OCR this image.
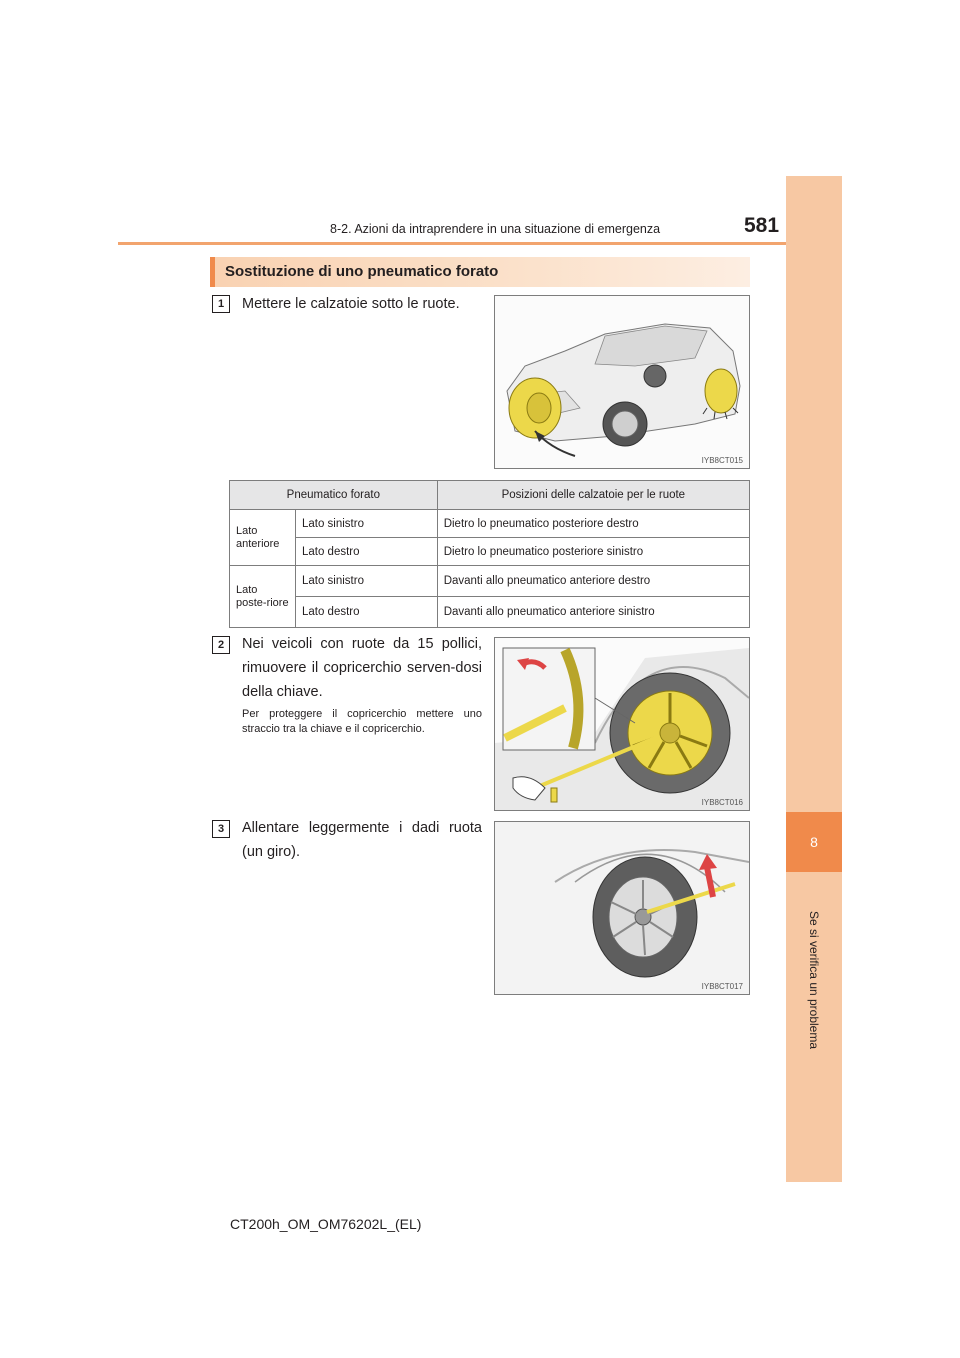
8-2. Azioni da intraprendere in una situazione di emergenza	581
8
Se si verifica un problema
Sostituzione di uno pneumatico forato
1	Mettere le calzatoie sotto le ruote.
IYB8CT015
Pneumatico forato		Posizioni delle calzatoie per le ruote
Lato anteriore	Lato sinistro	Dietro lo pneumatico posteriore destro
	Lato destro	Dietro lo pneumatico posteriore sinistro
Lato poste-riore	Lato sinistro	Davanti allo pneumatico anteriore destro
	Lato destro	Davanti allo pneumatico anteriore sinistro
2	Nei veicoli con ruote da 15 pollici, rimuovere il copricerchio serven-dosi della chiave.
Per proteggere il copricerchio mettere uno straccio tra la chiave e il copricerchio.
IYB8CT016
3	Allentare leggermente i dadi ruota (un giro).
IYB8CT017
CT200h_OM_OM76202L_(EL)
